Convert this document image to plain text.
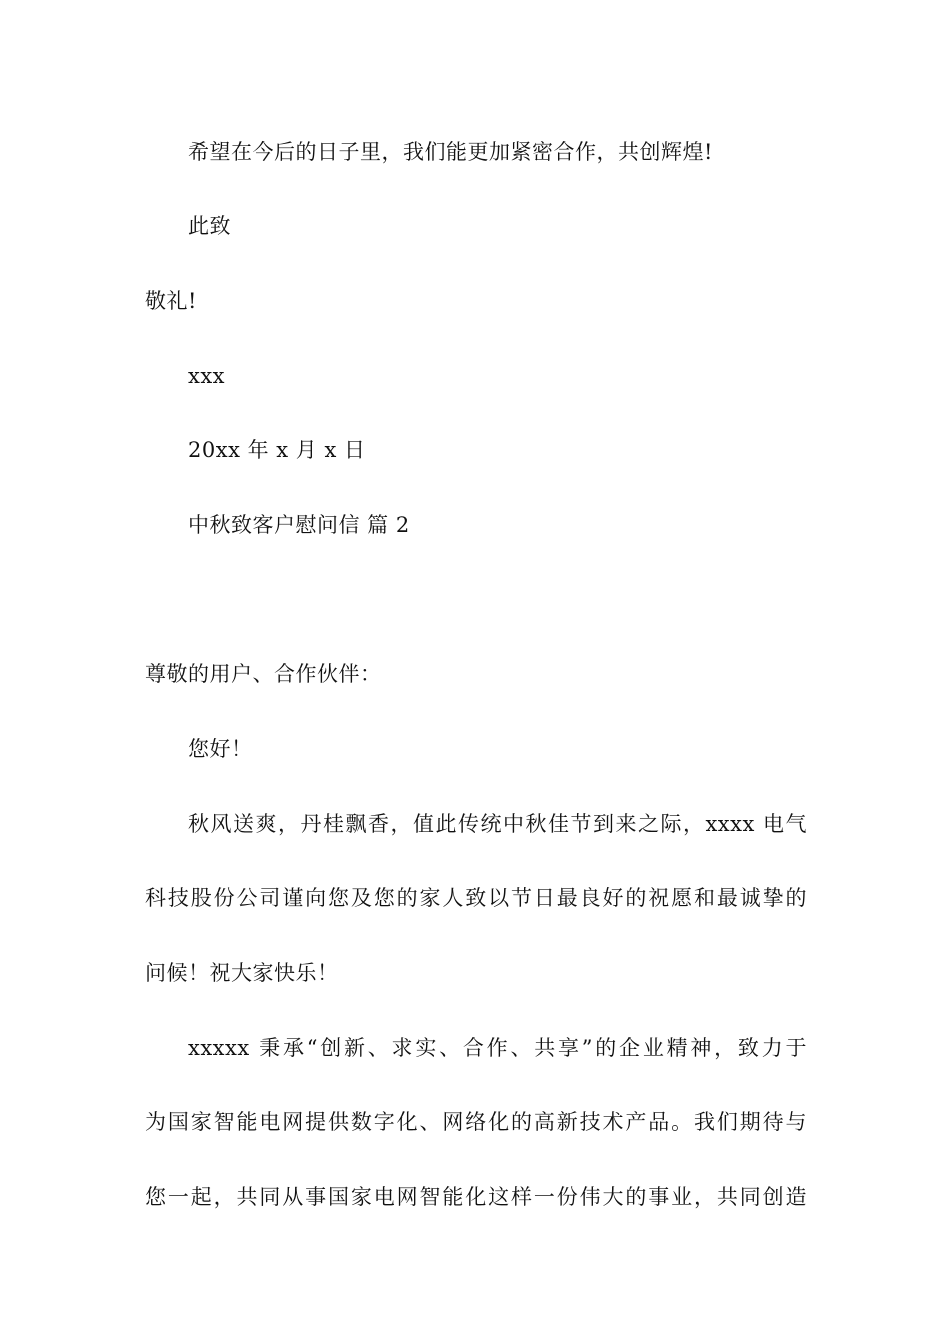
希望在今后的日子里，我们能更加紧密合作，共创辉煌!
此致
敬礼!
xxx
20xx 年 x 月 x 日
中秋致客户慰问信 篇 2
尊敬的用户、合作伙伴：
您好！
秋风送爽，丹桂飘香，值此传统中秋佳节到来之际，xxxx 电气
科技股份公司谨向您及您的家人致以节日最良好的祝愿和最诚挚的
问候！祝大家快乐！
xxxxx 秉承“创新、求实、合作、共享”的企业精神，致力于
为国家智能电网提供数字化、网络化的高新技术产品。我们期待与
您一起，共同从事国家电网智能化这样一份伟大的事业，共同创造
